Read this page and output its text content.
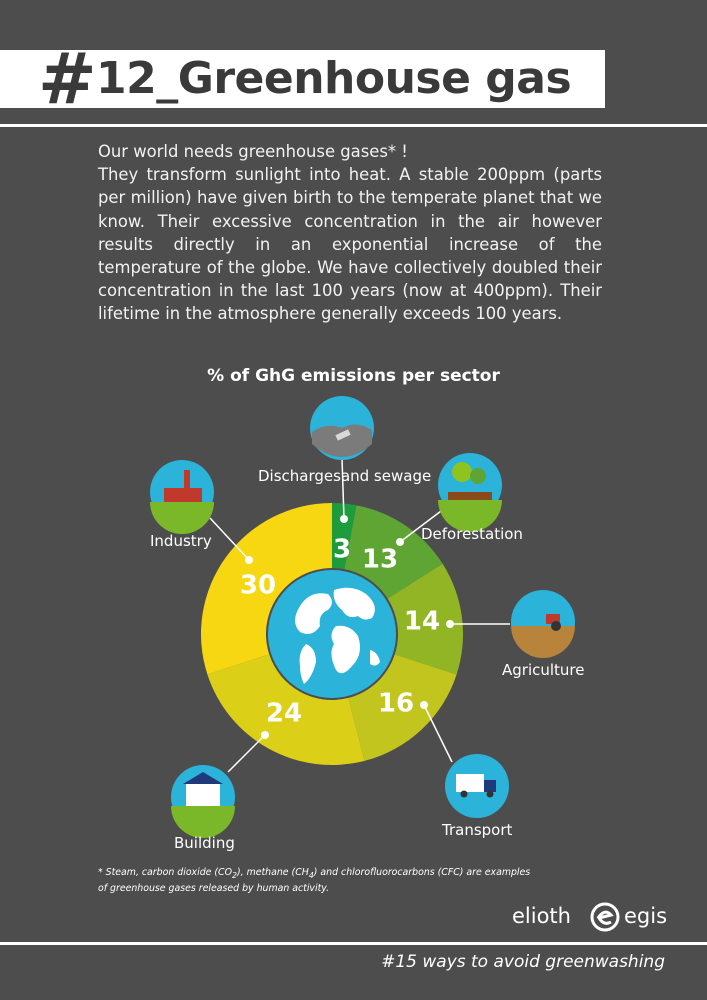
# 12_Greenhouse gas
Our world needs greenhouse gases* !
They transform sunlight into heat. A stable 200ppm (parts per million) have given birth to the temperate planet that we know. Their excessive concentration in the air however results directly in an exponential increase of the temperature of the globe. We have collectively doubled their concentration in the last 100 years (now at 400ppm). Their lifetime in the atmosphere generally exceeds 100 years.
% of GhG emissions per sector
3 13
14
16
24
30
Dischargesand sewage
Deforestation
Agriculture
Transport
Building
Industry
* Steam, carbon dioxide $(CO_2)$, methane $(CH_4)$ and chlorofluorocarbons (CFC) are examples
of greenhouse gases released by human activity.
elioth	egis
#15 ways to avoid greenwashing
